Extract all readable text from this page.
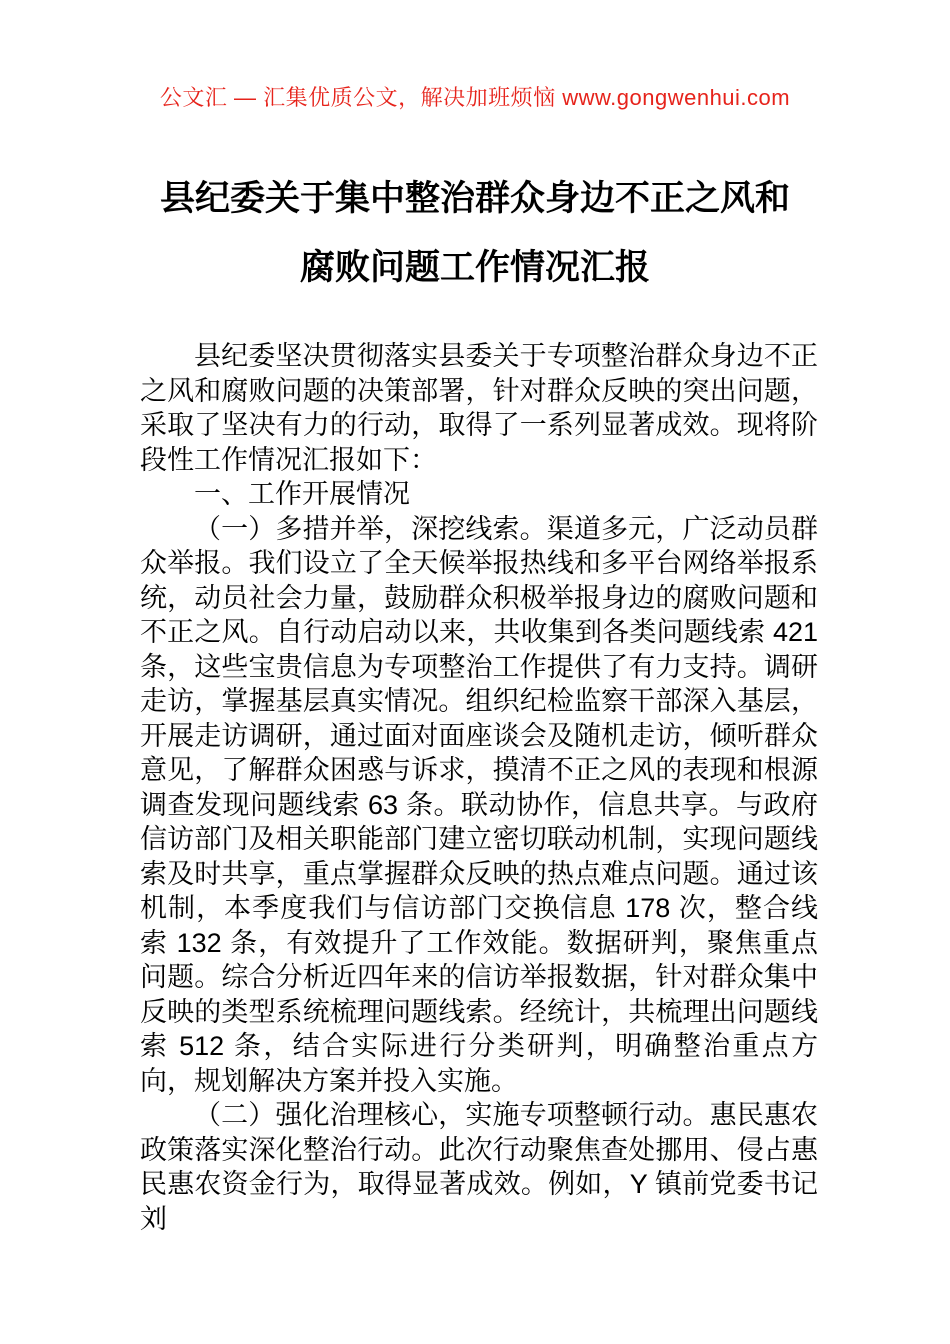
公文汇 — 汇集优质公文，解决加班烦恼 www.gongwenhui.com
县纪委关于集中整治群众身边不正之风和
腐败问题工作情况汇报

县纪委坚决贯彻落实县委关于专项整治群众身边不正之风和腐败问题的决策部署，针对群众反映的突出问题，采取了坚决有力的行动，取得了一系列显著成效。现将阶段性工作情况汇报如下：

一、工作开展情况

（一）多措并举，深挖线索。渠道多元，广泛动员群众举报。我们设立了全天候举报热线和多平台网络举报系统，动员社会力量，鼓励群众积极举报身边的腐败问题和不正之风。自行动启动以来，共收集到各类问题线索 421 条，这些宝贵信息为专项整治工作提供了有力支持。调研走访，掌握基层真实情况。组织纪检监察干部深入基层，开展走访调研，通过面对面座谈会及随机走访，倾听群众意见，了解群众困惑与诉求，摸清不正之风的表现和根源调查发现问题线索 63 条。联动协作，信息共享。与政府信访部门及相关职能部门建立密切联动机制，实现问题线索及时共享，重点掌握群众反映的热点难点问题。通过该机制，本季度我们与信访部门交换信息 178 次，整合线索 132 条，有效提升了工作效能。数据研判，聚焦重点问题。综合分析近四年来的信访举报数据，针对群众集中反映的类型系统梳理问题线索。经统计，共梳理出问题线索 512 条，结合实际进行分类研判，明确整治重点方向，规划解决方案并投入实施。

（二）强化治理核心，实施专项整顿行动。惠民惠农政策落实深化整治行动。此次行动聚焦查处挪用、侵占惠民惠农资金行为，取得显著成效。例如，Y 镇前党委书记刘
